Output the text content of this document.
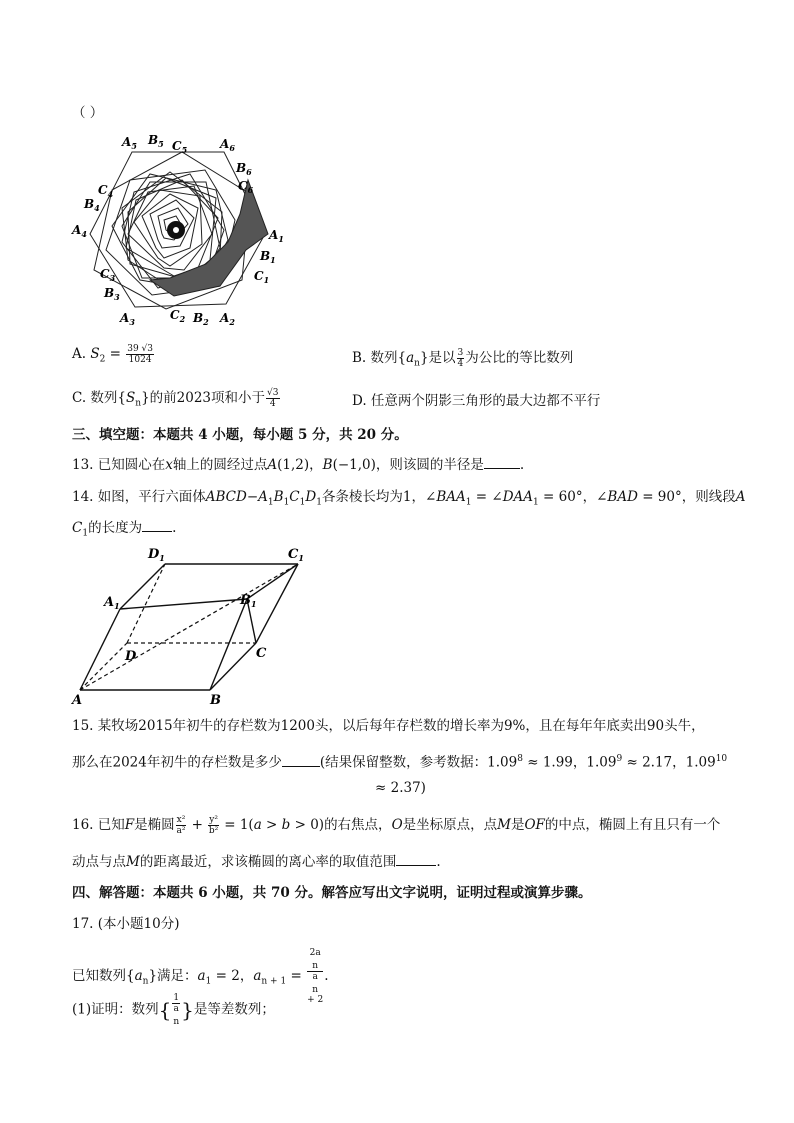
（ ）
$A_1$
$B_1$
$C_1$
$A_2$
$B_2$
$C_2$
$A_3$
$B_3$
$C_3$
$A_4$
$B_4$
$C_4$
$A_5$ $B_5$ $C_5$	$A_6$
$B_6$
$C_6$
A. $S_2 = \frac{39 √3}{1024}$	B. 数列$\{a_n\}$是以 $\frac{3}{4}$ 为公比的等比数列
C. 数列$\{S_n\}$的前2023项和小于 $\frac{√3}{4}$	D. 任意两个阴影三角形的最大边都不平行
三、填空题：本题共 4 小题，每小题 5 分，共 20 分。
13. 已知圆心在x轴上的圆经过点A(1,2)，B(−1,0)，则该圆的半径是	.
14. 如图，平行六面体$ABCD-A_1B_1C_1D_1$各条棱长均为1，$\angle BAA_1$ = $\angle DAA_1 = 60^\circ$，∠BAD = 90°，则线段A
$C_1$的长度为 .
A	B
C
D
$A_1$	$B_1$
$D_1$	$C_1$
15. 某牧场2015年初牛的存栏数为1200头，以后每年存栏数的增长率为9%，且在每年年底卖出90头牛，
那么在2024年初牛的存栏数是多少	(结果保留整数，参考数据：$1.09^8 \approx 1.99$，$1.09^9 \approx 2.17$，$1.09^{10}$
≈ 2.37)
16. 已知F是椭圆 $\frac{\text{x²}}{\text{a²}} + \frac{\text{y²}}{\text{b²}} = 1(a > b > 0)$的右焦点，O是坐标原点，点M是OF的中点，椭圆上有且只有一个
动点与点M的距离最近，求该椭圆的离心率的取值范围	.
四、解答题：本题共 6 小题，共 70 分。解答应写出文字说明，证明过程或演算步骤。
17. (本小题10分)
已知数列$\{a_n\}$满足：$a_1 = 2$，$a_{n + 1} = 2a$
$_n$
a
$_n$
+ 2 .
(1)证明：数列{ 1
a
$_n$ }是等差数列；
